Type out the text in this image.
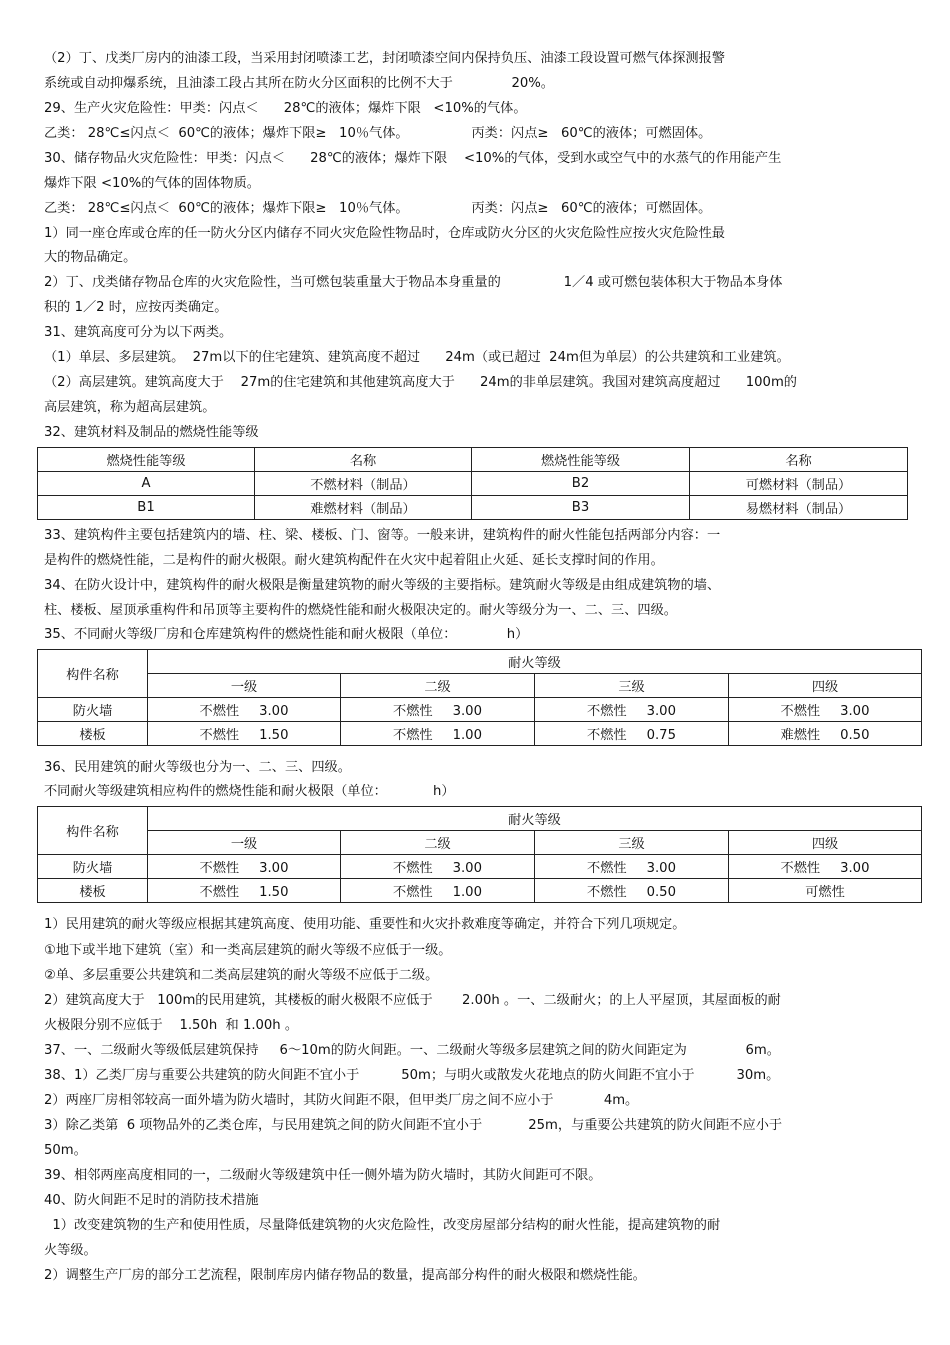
（2）丁、戊类厂房内的油漆工段，当采用封闭喷漆工艺，封闭喷漆空间内保持负压、油漆工段设置可燃气体探测报警
系统或自动抑爆系统，且油漆工段占其所在防火分区面积的比例不大于              20%。
29、生产火灾危险性：甲类：闪点＜      28℃的液体；爆炸下限   <10%的气体。
乙类： 28℃≤闪点＜  60℃的液体；爆炸下限≥   10％气体。               丙类：闪点≥   60℃的液体；可燃固体。
30、储存物品火灾危险性：甲类：闪点＜      28℃的液体；爆炸下限    <10%的气体，受到水或空气中的水蒸气的作用能产生
爆炸下限 <10%的气体的固体物质。
乙类： 28℃≤闪点＜  60℃的液体；爆炸下限≥   10％气体。               丙类：闪点≥   60℃的液体；可燃固体。
1）同一座仓库或仓库的任一防火分区内储存不同火灾危险性物品时，仓库或防火分区的火灾危险性应按火灾危险性最
大的物品确定。
2）丁、戊类储存物品仓库的火灾危险性，当可燃包装重量大于物品本身重量的               1／4 或可燃包装体积大于物品本身体
积的 1／2 时，应按丙类确定。
31、建筑高度可分为以下两类。
（1）单层、多层建筑。  27m以下的住宅建筑、建筑高度不超过      24m（或已超过  24m但为单层）的公共建筑和工业建筑。
（2）高层建筑。建筑高度大于    27m的住宅建筑和其他建筑高度大于      24m的非单层建筑。我国对建筑高度超过      100m的
高层建筑，称为超高层建筑。
32、建筑材料及制品的燃烧性能等级
燃烧性能等级	名称	燃烧性能等级	名称
A	不燃材料（制品）	B2	可燃材料（制品）
B1	难燃材料（制品）	B3	易燃材料（制品）
33、建筑构件主要包括建筑内的墙、柱、梁、楼板、门、窗等。一般来讲，建筑构件的耐火性能包括两部分内容：一
是构件的燃烧性能，二是构件的耐火极限。耐火建筑构配件在火灾中起着阻止火延、延长支撑时间的作用。
34、在防火设计中，建筑构件的耐火极限是衡量建筑物的耐火等级的主要指标。建筑耐火等级是由组成建筑物的墙、
柱、楼板、屋顶承重构件和吊顶等主要构件的燃烧性能和耐火极限决定的。耐火等级分为一、二、三、四级。
35、不同耐火等级厂房和仓库建筑构件的燃烧性能和耐火极限（单位：            h）
构件名称	耐火等级			
	一级	二级	三级	四级
防火墙	不燃性 3.00	不燃性 3.00	不燃性 3.00	不燃性 3.00
楼板	不燃性 1.50	不燃性 1.00	不燃性 0.75	难燃性 0.50
36、民用建筑的耐火等级也分为一、二、三、四级。
不同耐火等级建筑相应构件的燃烧性能和耐火极限（单位：           h）
构件名称	耐火等级			
	一级	二级	三级	四级
防火墙	不燃性 3.00	不燃性 3.00	不燃性 3.00	不燃性 3.00
楼板	不燃性 1.50	不燃性 1.00	不燃性 0.50	可燃性
1）民用建筑的耐火等级应根据其建筑高度、使用功能、重要性和火灾扑救难度等确定，并符合下列几项规定。
①地下或半地下建筑（室）和一类高层建筑的耐火等级不应低于一级。
②单、多层重要公共建筑和二类高层建筑的耐火等级不应低于二级。
2）建筑高度大于   100m的民用建筑，其楼板的耐火极限不应低于       2.00h 。一、二级耐火；的上人平屋顶，其屋面板的耐
火极限分别不应低于    1.50h  和 1.00h 。
37、一、二级耐火等级低层建筑保持     6～10m的防火间距。一、二级耐火等级多层建筑之间的防火间距定为              6m。
38、1）乙类厂房与重要公共建筑的防火间距不宜小于          50m；与明火或散发火花地点的防火间距不宜小于          30m。
2）两座厂房相邻较高一面外墙为防火墙时，其防火间距不限，但甲类厂房之间不应小于            4m。
3）除乙类第  6 项物品外的乙类仓库，与民用建筑之间的防火间距不宜小于           25m，与重要公共建筑的防火间距不应小于
50m。
39、相邻两座高度相同的一，二级耐火等级建筑中任一侧外墙为防火墙时，其防火间距可不限。
40、防火间距不足时的消防技术措施
1）改变建筑物的生产和使用性质，尽量降低建筑物的火灾危险性，改变房屋部分结构的耐火性能，提高建筑物的耐
火等级。
2）调整生产厂房的部分工艺流程，限制库房内储存物品的数量，提高部分构件的耐火极限和燃烧性能。
